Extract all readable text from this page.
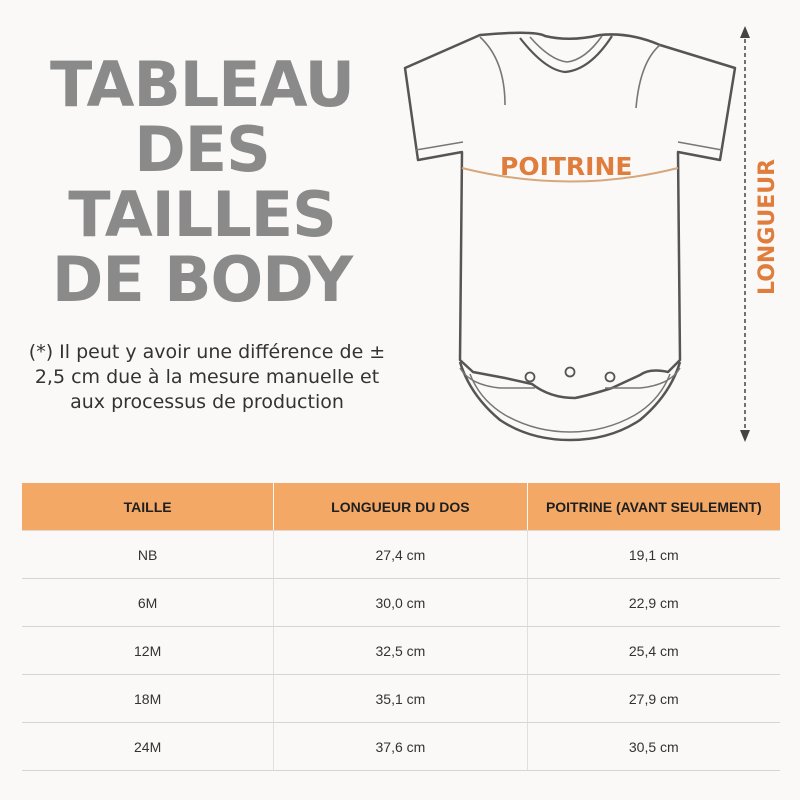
TABLEAU
DES
TAILLES
DE BODY
(*) Il peut y avoir une différence de ± 2,5 cm due à la mesure manuelle et aux processus de production
POITRINE	LONGUEUR
TAILLE	LONGUEUR DU DOS	POITRINE (AVANT SEULEMENT)
NB	27,4 cm	19,1 cm
6M	30,0 cm	22,9 cm
12M	32,5 cm	25,4 cm
18M	35,1 cm	27,9 cm
24M	37,6 cm	30,5 cm
